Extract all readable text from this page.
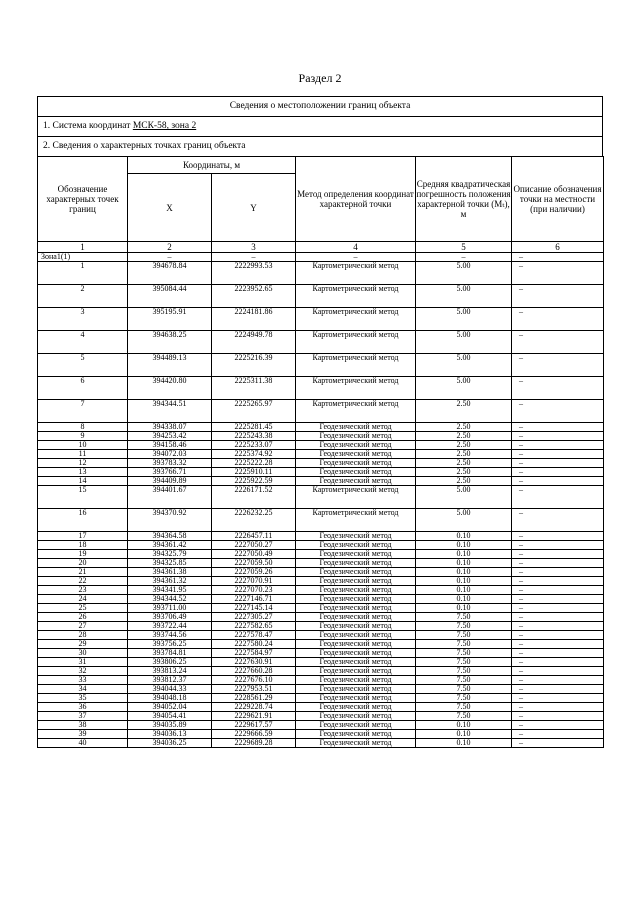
Раздел 2
Сведения о местоположении границ объекта
1. Система координат МСК-58, зона 2
2. Сведения о характерных точках границ объекта
Обозначение характерных точек границ	Координаты, м		Метод определения координат характерной точки	Средняя квадратическая погрешность положения характерной точки (Mₜ), м	Описание обозначения точки на местности (при наличии)
	X	Y			
1	2	3	4	5	6
Зона1(1)	–	–	–	–	–
1	394678.84	2222993.53	Картометрический метод	5.00	–
2	395084.44	2223952.65	Картометрический метод	5.00	–
3	395195.91	2224181.86	Картометрический метод	5.00	–
4	394638.25	2224949.78	Картометрический метод	5.00	–
5	394489.13	2225216.39	Картометрический метод	5.00	–
6	394420.80	2225311.38	Картометрический метод	5.00	–
7	394344.51	2225265.97	Картометрический метод	2.50	–
8	394338.07	2225281.45	Геодезический метод	2.50	–
9	394253.42	2225243.38	Геодезический метод	2.50	–
10	394158.46	2225233.07	Геодезический метод	2.50	–
11	394072.03	2225374.92	Геодезический метод	2.50	–
12	393783.32	2225222.28	Геодезический метод	2.50	–
13	393766.71	2225910.11	Геодезический метод	2.50	–
14	394409.89	2225922.59	Геодезический метод	2.50	–
15	394401.67	2226171.52	Картометрический метод	5.00	–
16	394370.92	2226232.25	Картометрический метод	5.00	–
17	394364.58	2226457.11	Геодезический метод	0.10	–
18	394361.42	2227050.27	Геодезический метод	0.10	–
19	394325.79	2227050.49	Геодезический метод	0.10	–
20	394325.85	2227059.50	Геодезический метод	0.10	–
21	394361.38	2227059.26	Геодезический метод	0.10	–
22	394361.32	2227070.91	Геодезический метод	0.10	–
23	394341.95	2227070.23	Геодезический метод	0.10	–
24	394344.52	2227146.71	Геодезический метод	0.10	–
25	393711.00	2227145.14	Геодезический метод	0.10	–
26	393706.49	2227305.27	Геодезический метод	7.50	–
27	393722.44	2227582.65	Геодезический метод	7.50	–
28	393744.56	2227578.47	Геодезический метод	7.50	–
29	393756.25	2227580.24	Геодезический метод	7.50	–
30	393784.81	2227584.97	Геодезический метод	7.50	–
31	393806.25	2227630.91	Геодезический метод	7.50	–
32	393813.24	2227660.28	Геодезический метод	7.50	–
33	393812.37	2227676.10	Геодезический метод	7.50	–
34	394044.33	2227953.51	Геодезический метод	7.50	–
35	394048.18	2228561.29	Геодезический метод	7.50	–
36	394052.04	2229228.74	Геодезический метод	7.50	–
37	394054.41	2229621.91	Геодезический метод	7.50	–
38	394035.89	2229617.57	Геодезический метод	0.10	–
39	394036.13	2229666.59	Геодезический метод	0.10	–
40	394036.25	2229689.28	Геодезический метод	0.10	–
